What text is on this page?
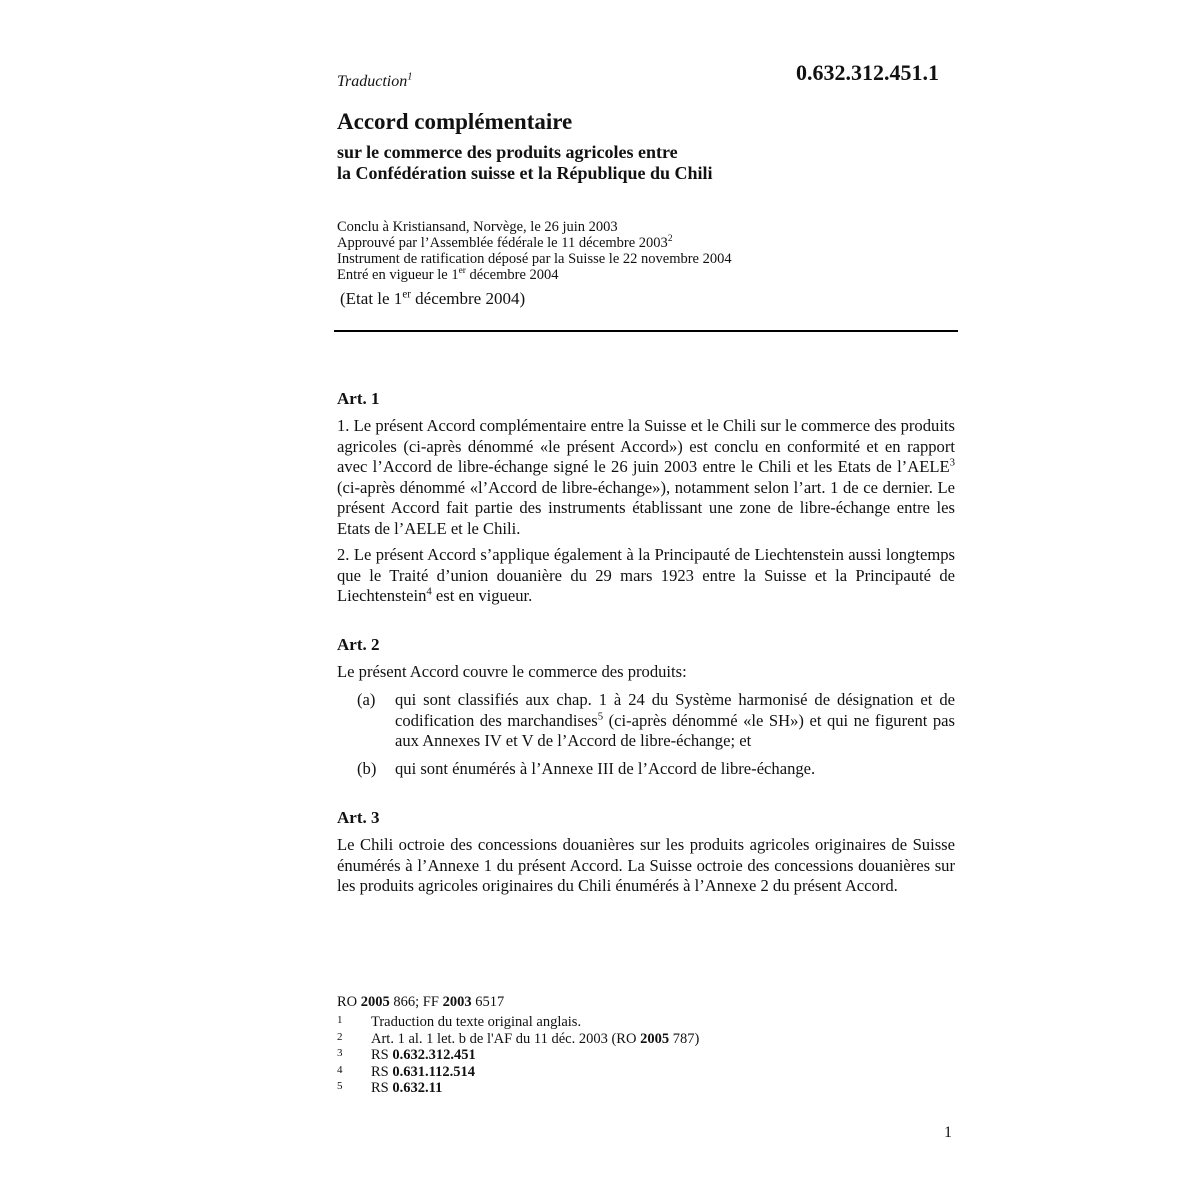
0.632.312.451.1
Traduction$^1$
Accord complémentaire
sur le commerce des produits agricoles entre
la Confédération suisse et la République du Chili
Conclu à Kristiansand, Norvège, le 26 juin 2003
Approuvé par l’Assemblée fédérale le 11 décembre 2003$^2$
Instrument de ratification déposé par la Suisse le 22 novembre 2004
Entré en vigueur le 1er décembre 2004
(Etat le 1er décembre 2004)
Art. 1

1. Le présent Accord complémentaire entre la Suisse et le Chili sur le commerce des produits agricoles (ci-après dénommé «le présent Accord») est conclu en conformité et en rapport avec l’Accord de libre-échange signé le 26 juin 2003 entre le Chili et les Etats de l’AELE$^3$ (ci-après dénommé «l’Accord de libre-échange»), notamment selon l’art. 1 de ce dernier. Le présent Accord fait partie des instruments établissant une zone de libre-échange entre les Etats de l’AELE et le Chili.

2. Le présent Accord s’applique également à la Principauté de Liechtenstein aussi longtemps que le Traité d’union douanière du 29 mars 1923 entre la Suisse et la Principauté de Liechtenstein$^4$ est en vigueur.

Art. 2

Le présent Accord couvre le commerce des produits:

(a) qui sont classifiés aux chap. 1 à 24 du Système harmonisé de désignation et de codification des marchandises$^5$ (ci-après dénommé «le SH») et qui ne figurent pas aux Annexes IV et V de l’Accord de libre-échange; et
(b) qui sont énumérés à l’Annexe III de l’Accord de libre-échange.
Art. 3

Le Chili octroie des concessions douanières sur les produits agricoles originaires de Suisse énumérés à l’Annexe 1 du présent Accord. La Suisse octroie des concessions douanières sur les produits agricoles originaires du Chili énumérés à l’Annexe 2 du présent Accord.

RO 2005 866; FF 2003 6517
1	Traduction du texte original anglais.
2	Art. 1 al. 1 let. b de l'AF du 11 déc. 2003 (RO 2005 787)
3	RS 0.632.312.451
4	RS 0.631.112.514
5	RS 0.632.11
1
